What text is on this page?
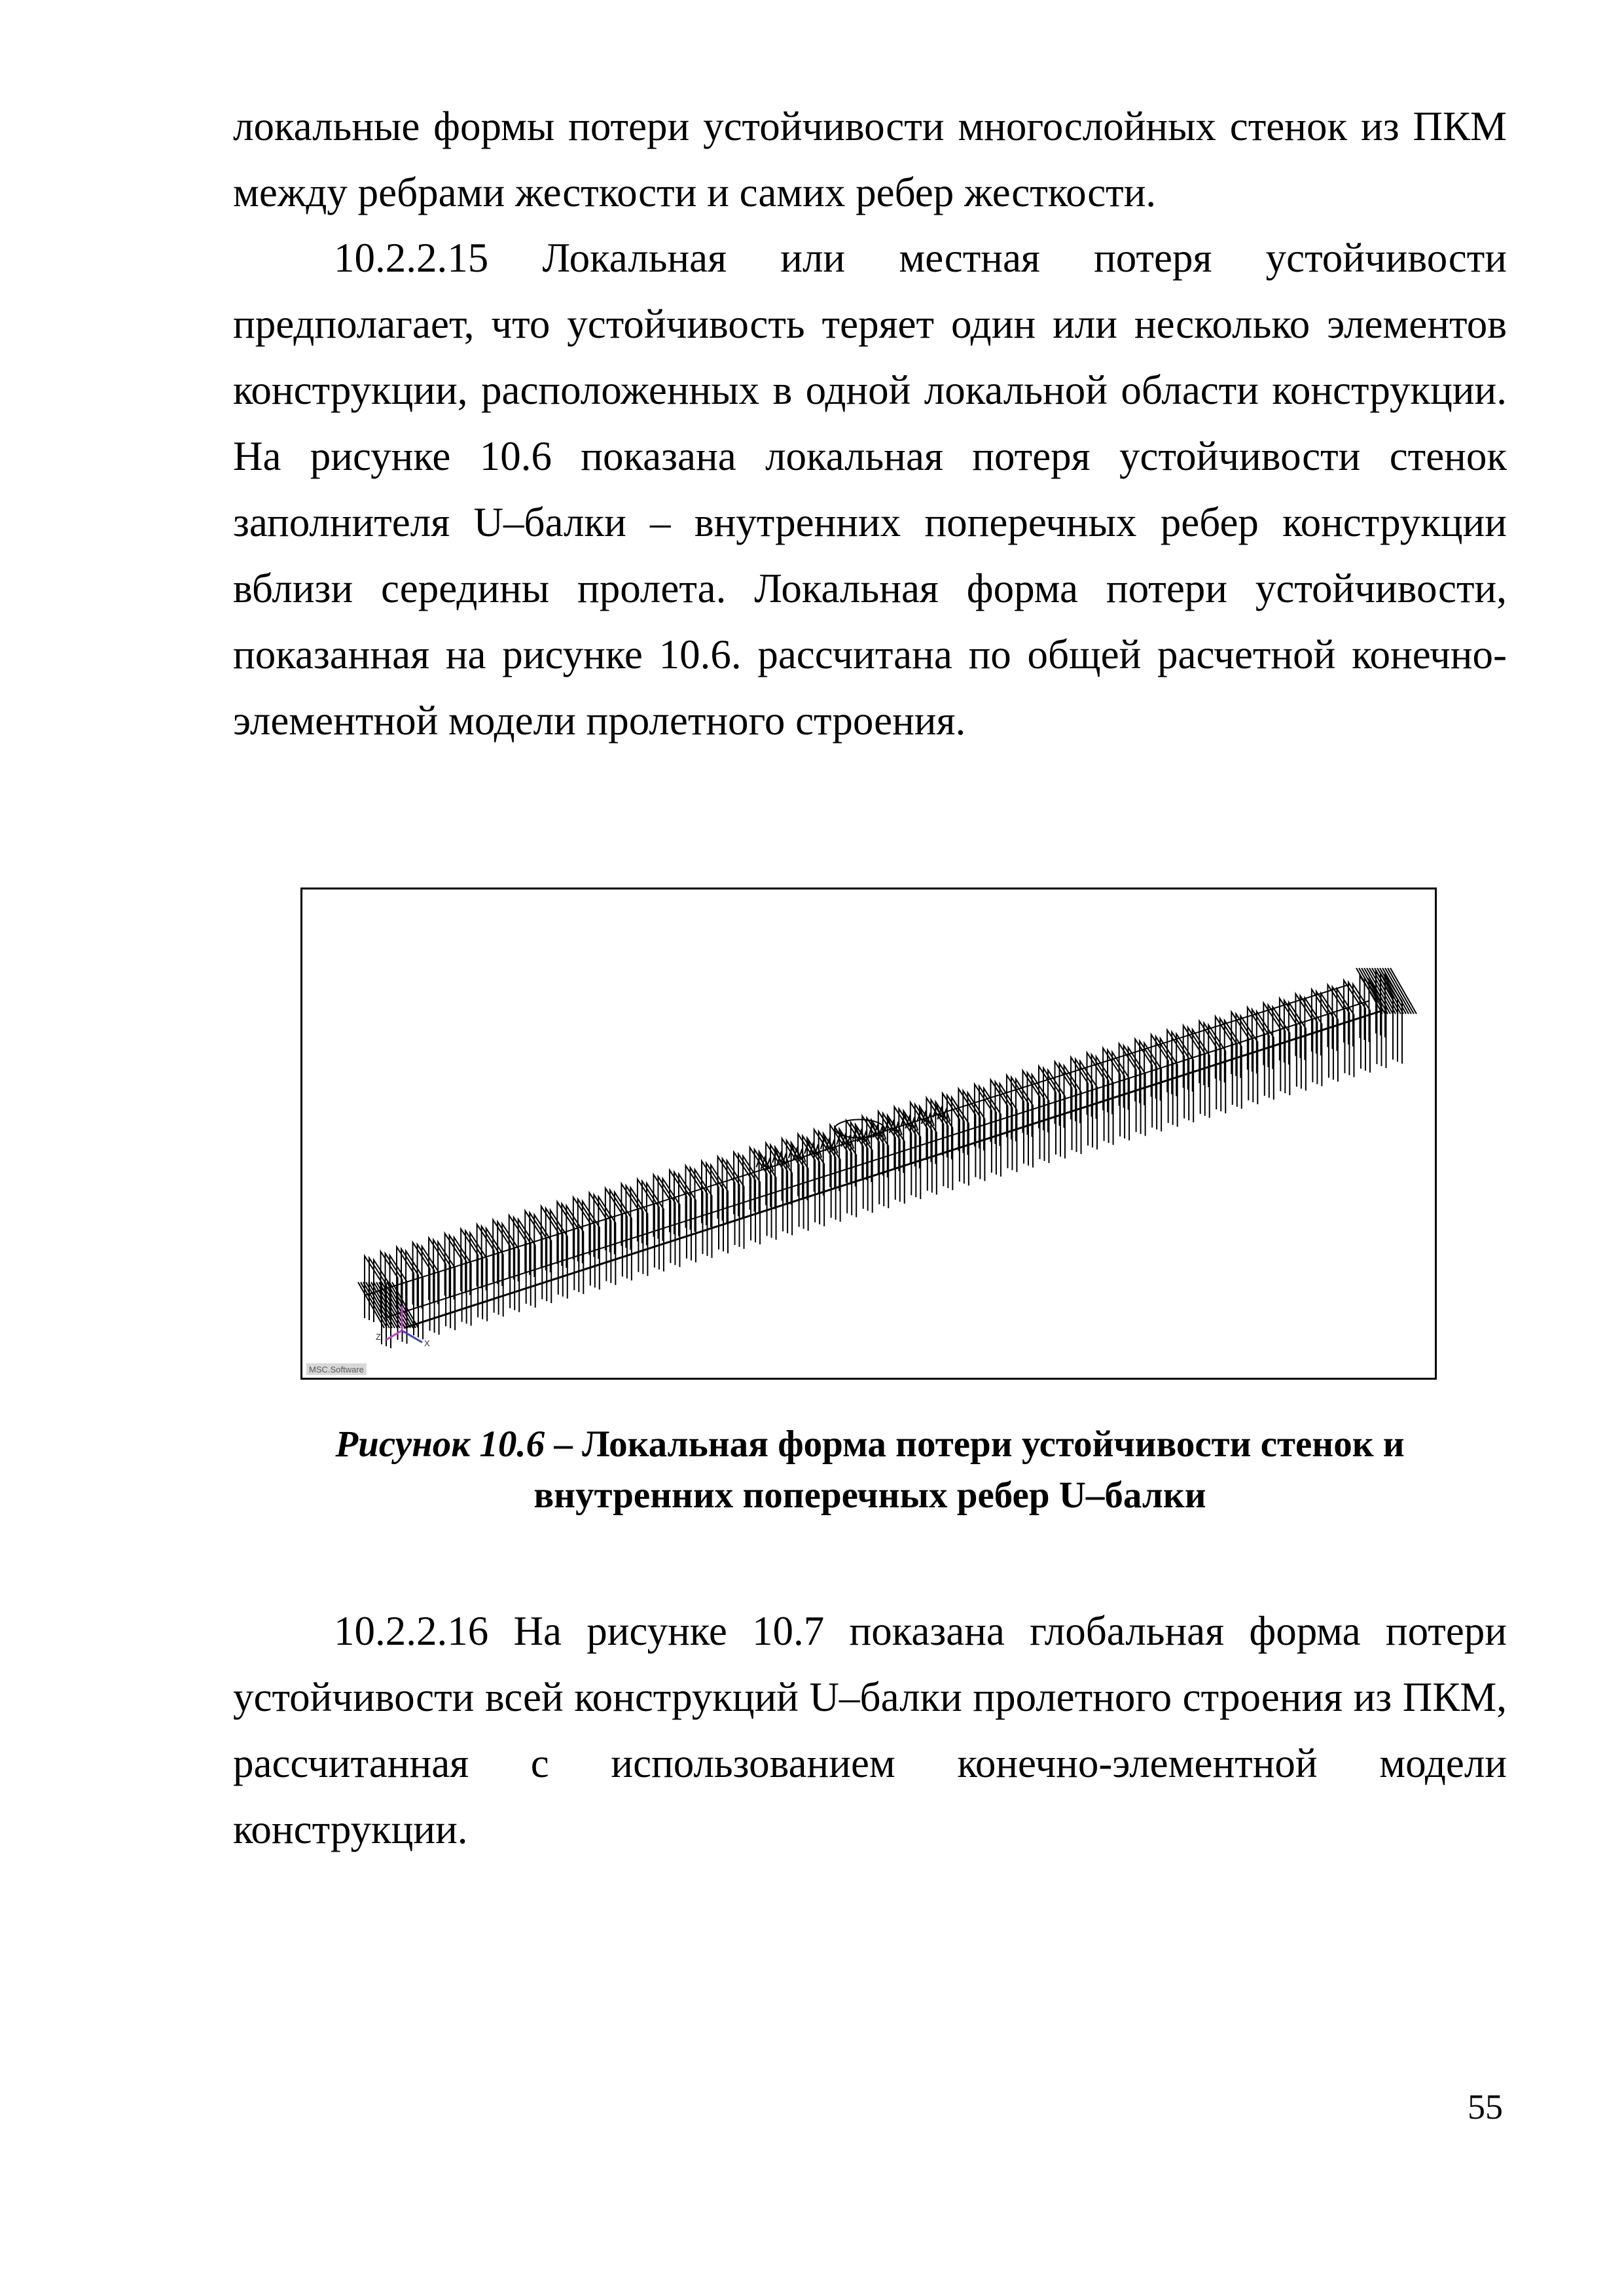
локальные формы потери устойчивости многослойных стенок из ПКМ между ребрами жесткости и самих ребер жесткости.

10.2.2.15 Локальная или местная потеря устойчивости предполагает, что устойчивость теряет один или несколько элементов конструкции, расположенных в одной локальной области конструкции. На рисунке 10.6 показана локальная потеря устойчивости стенок заполнителя U–балки – внутренних поперечных ребер конструкции вблизи середины пролета. Локальная форма потери устойчивости, показанная на рисунке 10.6. рассчитана по общей расчетной конечно-элементной модели пролетного строения.

Y
Z
X
MSC.Software
Рисунок 10.6 – Локальная форма потери устойчивости стенок и внутренних поперечных ребер U–балки

10.2.2.16 На рисунке 10.7 показана глобальная форма потери устойчивости всей конструкций U–балки пролетного строения из ПКМ, рассчитанная с использованием конечно-элементной модели конструкции.

55
